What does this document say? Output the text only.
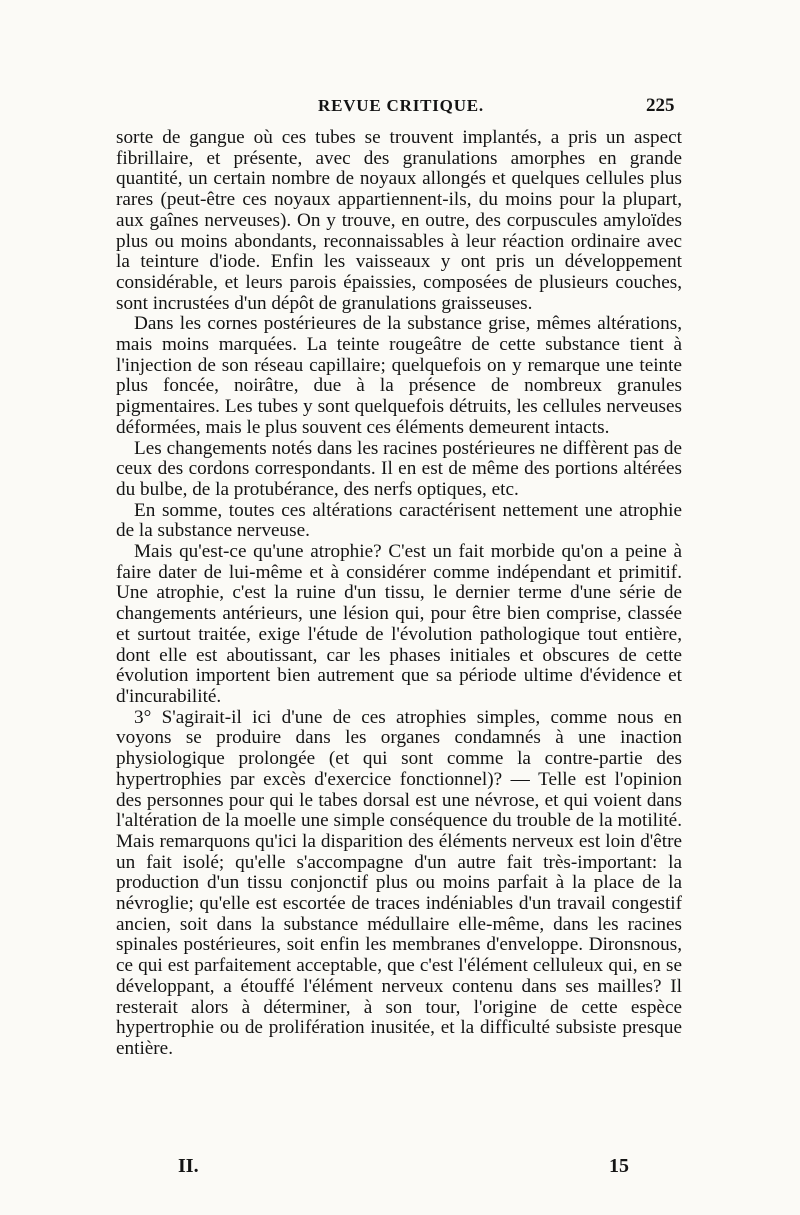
REVUE CRITIQUE.	225

sorte de gangue où ces tubes se trouvent implantés, a pris un aspect fibrillaire, et présente, avec des granulations amorphes en grande quantité, un certain nombre de noyaux allongés et quelques cellules plus rares (peut-être ces noyaux appartiennent-ils, du moins pour la plupart, aux gaînes nerveuses). On y trouve, en outre, des corpuscules amyloïdes plus ou moins abondants, reconnaissables à leur réaction ordinaire avec la teinture d'iode. Enfin les vaisseaux y ont pris un développement considérable, et leurs parois épaissies, composées de plusieurs couches, sont incrustées d'un dépôt de granulations graisseuses.

Dans les cornes postérieures de la substance grise, mêmes altérations, mais moins marquées. La teinte rougeâtre de cette substance tient à l'injection de son réseau capillaire; quelquefois on y remarque une teinte plus foncée, noirâtre, due à la présence de nombreux granules pigmentaires. Les tubes y sont quelquefois détruits, les cellules nerveuses déformées, mais le plus souvent ces éléments demeurent intacts.

Les changements notés dans les racines postérieures ne diffèrent pas de ceux des cordons correspondants. Il en est de même des portions altérées du bulbe, de la protubérance, des nerfs optiques, etc.

En somme, toutes ces altérations caractérisent nettement une atrophie de la substance nerveuse.

Mais qu'est-ce qu'une atrophie? C'est un fait morbide qu'on a peine à faire dater de lui-même et à considérer comme indépendant et primitif. Une atrophie, c'est la ruine d'un tissu, le dernier terme d'une série de changements antérieurs, une lésion qui, pour être bien comprise, classée et surtout traitée, exige l'étude de l'évolution pathologique tout entière, dont elle est aboutissant, car les phases initiales et obscures de cette évolution importent bien autrement que sa période ultime d'évidence et d'incurabilité.

3° S'agirait-il ici d'une de ces atrophies simples, comme nous en voyons se produire dans les organes condamnés à une inaction physiologique prolongée (et qui sont comme la contre-partie des hypertrophies par excès d'exercice fonctionnel)? — Telle est l'opinion des personnes pour qui le tabes dorsal est une névrose, et qui voient dans l'altération de la moelle une simple conséquence du trouble de la motilité. Mais remarquons qu'ici la disparition des éléments nerveux est loin d'être un fait isolé; qu'elle s'accompagne d'un autre fait très-important: la production d'un tissu conjonctif plus ou moins parfait à la place de la névroglie; qu'elle est escortée de traces indéniables d'un travail congestif ancien, soit dans la substance médullaire elle-même, dans les racines spinales postérieures, soit enfin les membranes d'enveloppe. Dironsnous, ce qui est parfaitement acceptable, que c'est l'élément celluleux qui, en se développant, a étouffé l'élément nerveux contenu dans ses mailles? Il resterait alors à déterminer, à son tour, l'origine de cette espèce hypertrophie ou de prolifération inusitée, et la difficulté subsiste presque entière.

II.	15
